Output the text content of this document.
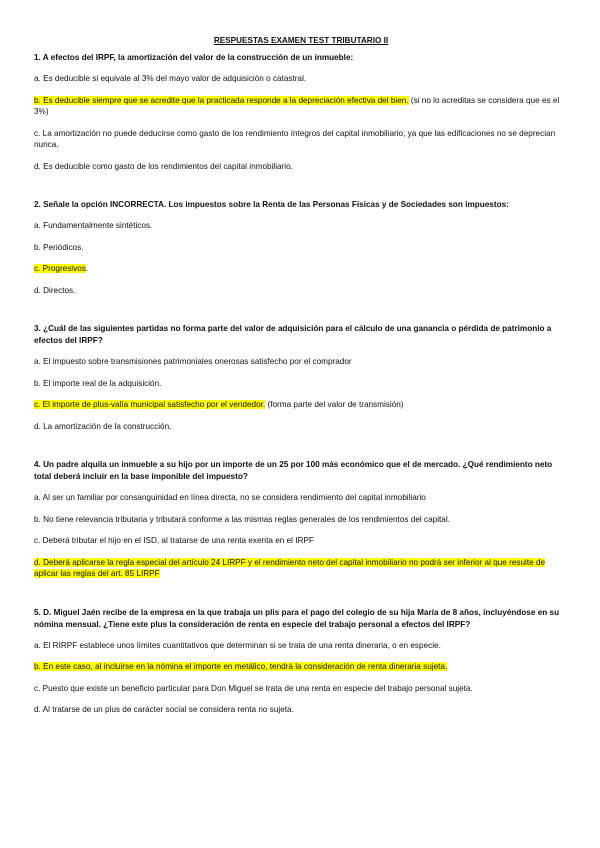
RESPUESTAS EXAMEN TEST TRIBUTARIO II

1. A efectos del IRPF, la amortización del valor de la construcción de un inmueble:

a. Es deducible si equivale al 3% del mayo valor de adquisición o catastral.

b. Es deducible siempre que se acredite que la practicada responde a la depreciación efectiva del bien. (si no lo acreditas se considera que es el 3%)

c. La amortización no puede deducirse como gasto de los rendimiento íntegros del capital inmobiliario, ya que las edificaciones no se deprecian nunca.

d. Es deducible como gasto de los rendimientos del capital inmobiliario.

2. Señale la opción INCORRECTA. Los impuestos sobre la Renta de las Personas Físicas y de Sociedades son impuestos:

a. Fundamentalmente sintéticos.

b. Periódicos.

c. Progresivos.

d. Directos.

3. ¿Cuál de las siguientes partidas no forma parte del valor de adquisición para el cálculo de una ganancia o pérdida de patrimonio a efectos del IRPF?

a. El impuesto sobre transmisiones patrimoniales onerosas satisfecho por el comprador

b. El importe real de la adquisición.

c. El importe de plus-valía municipal satisfecho por el vendedor. (forma parte del valor de transmisión)

d. La amortización de la construcción.

4. Un padre alquila un inmueble a su hijo por un importe de un 25 por 100 más económico que el de mercado. ¿Qué rendimiento neto total deberá incluir en la base imponible del impuesto?

a. Al ser un familiar por consanguinidad en línea directa, no se considera rendimiento del capital inmobiliario

b. No tiene relevancia tributaria y tributará conforme a las mismas reglas generales de los rendimientos del capital.

c. Deberá tributar el hijo en el ISD, al tratarse de una renta exenta en el IRPF

d. Deberá aplicarse la regla especial del artículo 24 LIRPF y el rendimiento neto del capital inmobiliario no podrá ser inferior al que resulte de aplicar las reglas del art. 85 LIRPF

5. D. Miguel Jaén recibe de la empresa en la que trabaja un plis para el pago del colegio de su hija María de 8 años, incluyéndose en su nómina mensual. ¿Tiene este plus la consideración de renta en especie del trabajo personal a efectos del IRPF?

a. El RIRPF establece unos límites cuantitativos que determinan si se trata de una renta dineraria, o en especie.

b. En este caso, al incluirse en la nómina el importe en metálico, tendrá la consideración de renta dineraria sujeta.

c. Puesto que existe un beneficio particular para Don Miguel se trata de una renta en especie del trabajo personal sujeta.

d. Al tratarse de un plus de carácter social se considera renta no sujeta.
